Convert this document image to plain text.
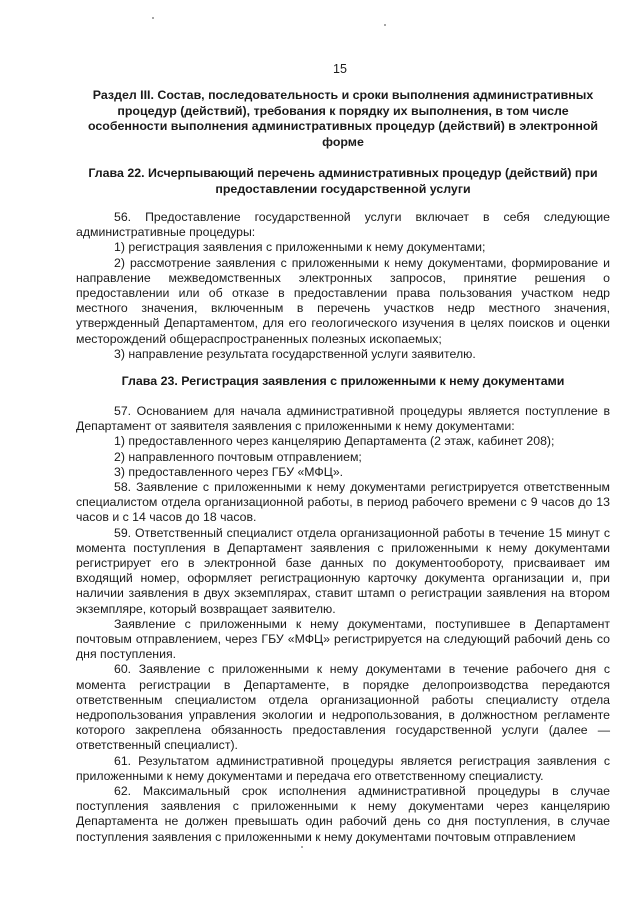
15
Раздел III. Состав, последовательность и сроки выполнения административных процедур (действий), требования к порядку их выполнения, в том числе особенности выполнения административных процедур (действий) в электронной форме
Глава 22. Исчерпывающий перечень административных процедур (действий) при предоставлении государственной услуги

56. Предоставление государственной услуги включает в себя следующие административные процедуры:

1) регистрация заявления с приложенными к нему документами;

2) рассмотрение заявления с приложенными к нему документами, формирование и направление межведомственных электронных запросов, принятие решения о предоставлении или об отказе в предоставлении права пользования участком недр местного значения, включенным в перечень участков недр местного значения, утвержденный Департаментом, для его геологического изучения в целях поисков и оценки месторождений общераспространенных полезных ископаемых;

3) направление результата государственной услуги заявителю.

Глава 23. Регистрация заявления с приложенными к нему документами

57. Основанием для начала административной процедуры является поступление в Департамент от заявителя заявления с приложенными к нему документами:

1) предоставленного через канцелярию Департамента (2 этаж, кабинет 208);

2) направленного почтовым отправлением;

3) предоставленного через ГБУ «МФЦ».

58. Заявление с приложенными к нему документами регистрируется ответственным специалистом отдела организационной работы, в период рабочего времени с 9 часов до 13 часов и с 14 часов до 18 часов.

59. Ответственный специалист отдела организационной работы в течение 15 минут с момента поступления в Департамент заявления с приложенными к нему документами регистрирует его в электронной базе данных по документообороту, присваивает им входящий номер, оформляет регистрационную карточку документа организации и, при наличии заявления в двух экземплярах, ставит штамп о регистрации заявления на втором экземпляре, который возвращает заявителю.

Заявление с приложенными к нему документами, поступившее в Департамент почтовым отправлением, через ГБУ «МФЦ» регистрируется на следующий рабочий день со дня поступления.

60. Заявление с приложенными к нему документами в течение рабочего дня с момента регистрации в Департаменте, в порядке делопроизводства передаются ответственным специалистом отдела организационной работы специалисту отдела недропользования управления экологии и недропользования, в должностном регламенте которого закреплена обязанность предоставления государственной услуги (далее — ответственный специалист).

61. Результатом административной процедуры является регистрация заявления с приложенными к нему документами и передача его ответственному специалисту.

62. Максимальный срок исполнения административной процедуры в случае поступления заявления с приложенными к нему документами через канцелярию Департамента не должен превышать один рабочий день со дня поступления, в случае поступления заявления с приложенными к нему документами почтовым отправлением
